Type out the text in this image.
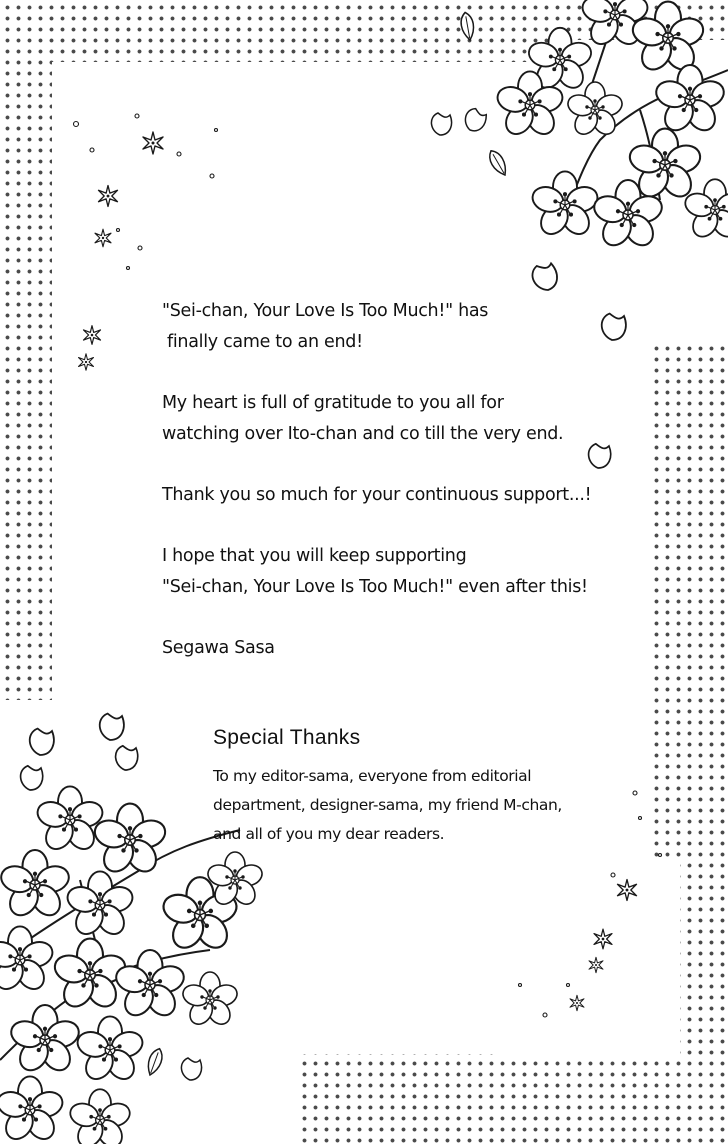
"Sei-chan, Your Love Is Too Much!" has
finally came to an end!

My heart is full of gratitude to you all for
watching over Ito-chan and co till the very end.

Thank you so much for your continuous support...!

I hope that you will keep supporting
"Sei-chan, Your Love Is Too Much!" even after this!

Segawa Sasa

Special Thanks
To my editor-sama, everyone from editorial
department, designer-sama, my friend M-chan,
and all of you my dear readers.
